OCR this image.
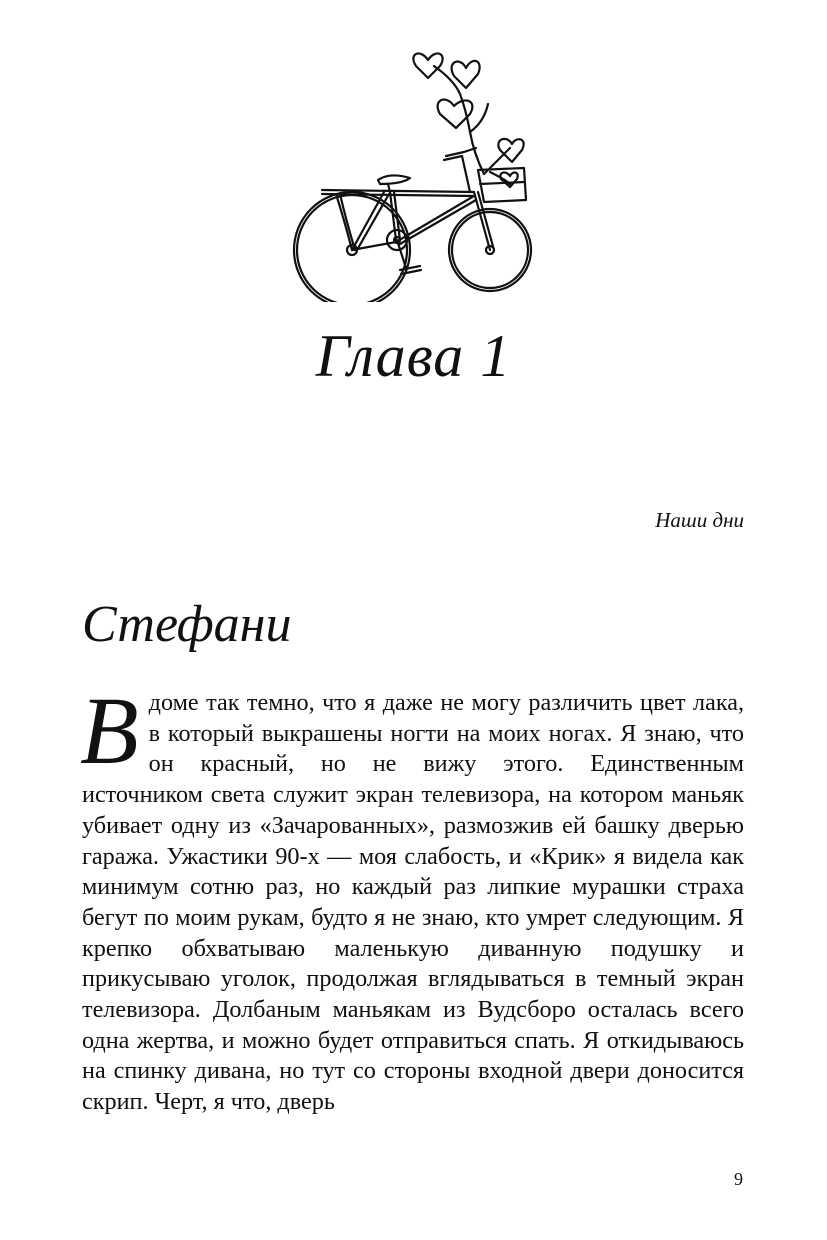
Глава 1
Наши дни
Стефани
Вдоме так темно, что я даже не могу различить цвет лака, в который выкрашены ногти на моих ногах. Я знаю, что он красный, но не вижу этого. Единственным источником света служит экран телевизора, на котором маньяк убивает одну из «Зачарованных», размозжив ей башку дверью гаража. Ужастики 90-х — моя слабость, и «Крик» я видела как минимум сотню раз, но каждый раз липкие мурашки страха бегут по моим рукам, будто я не знаю, кто умрет следующим. Я крепко обхватываю маленькую диванную подушку и прикусываю уголок, продолжая вглядываться в темный экран телевизора. Долбаным маньякам из Вудсборо осталась всего одна жертва, и можно будет отправиться спать. Я откидываюсь на спинку дивана, но тут со стороны входной двери доносится скрип. Черт, я что, дверь
9
